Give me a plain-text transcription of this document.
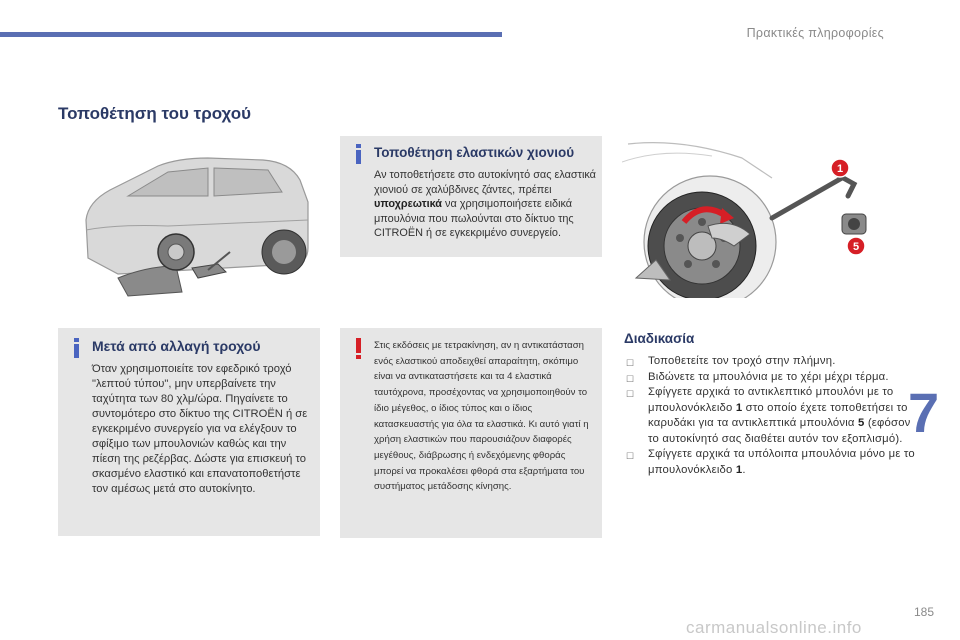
Πρακτικές πληροφορίες
Τοποθέτηση του τροχού
Τοποθέτηση ελαστικών χιονιού
Αν τοποθετήσετε στο αυτοκίνητό σας ελαστικά χιονιού σε χαλύβδινες ζάντες, πρέπει υποχρεωτικά να χρησιμοποιήσετε ειδικά μπουλόνια που πωλούνται στο δίκτυο της CITROËN ή σε εγκεκριμένο συνεργείο.
1
5
Μετά από αλλαγή τροχού
Όταν χρησιμοποιείτε τον εφεδρικό τροχό "λεπτού τύπου", μην υπερβαίνετε την ταχύτητα των 80 χλμ/ώρα. Πηγαίνετε το συντομότερο στο δίκτυο της CITROËN ή σε εγκεκριμένο συνεργείο για να ελέγξουν το σφίξιμο των μπουλονιών καθώς και την πίεση της ρεζέρβας. Δώστε για επισκευή το σκασμένο ελαστικό και επανατοποθετήστε τον αμέσως μετά στο αυτοκίνητο.
Στις εκδόσεις με τετρακίνηση, αν η αντικατάσταση ενός ελαστικού αποδειχθεί απαραίτητη, σκόπιμο είναι να αντικαταστήσετε και τα 4 ελαστικά ταυτόχρονα, προσέχοντας να χρησιμοποιηθούν το ίδιο μέγεθος, ο ίδιος τύπος και ο ίδιος κατασκευαστής για όλα τα ελαστικά. Κι αυτό γιατί η χρήση ελαστικών που παρουσιάζουν διαφορές μεγέθους, διάβρωσης ή ενδεχόμενης φθοράς μπορεί να προκαλέσει φθορά στα εξαρτήματα του συστήματος μετάδοσης κίνησης.
Διαδικασία
☐ Τοποθετείτε τον τροχό στην πλήμνη.
☐ Βιδώνετε τα μπουλόνια με το χέρι μέχρι τέρμα.
☐ Σφίγγετε αρχικά το αντικλεπτικό μπουλόνι με το μπουλονόκλειδο 1 στο οποίο έχετε τοποθετήσει το καρυδάκι για τα αντικλεπτικά μπουλόνια 5 (εφόσον το αυτοκίνητό σας διαθέτει αυτόν τον εξοπλισμό).
☐ Σφίγγετε αρχικά τα υπόλοιπα μπουλόνια μόνο με το μπουλονόκλειδο 1.
7
185
carmanualsonline.info
